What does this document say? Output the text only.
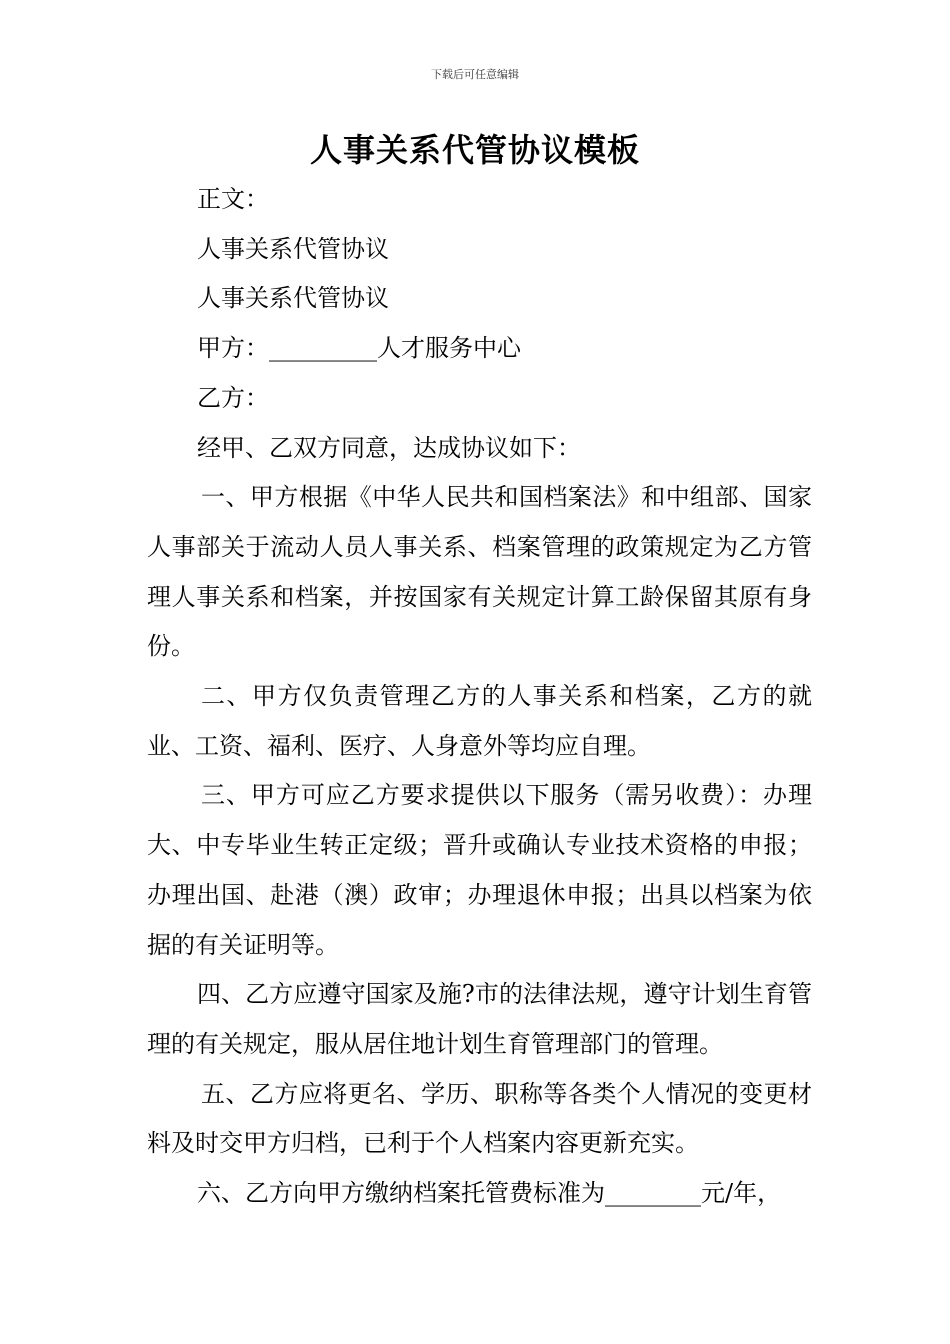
下载后可任意编辑
人事关系代管协议模板

正文：

人事关系代管协议

人事关系代管协议

甲方：_________人才服务中心

乙方：

经甲、乙双方同意，达成协议如下：

一、甲方根据《中华人民共和国档案法》和中组部、国家人事部关于流动人员人事关系、档案管理的政策规定为乙方管理人事关系和档案，并按国家有关规定计算工龄保留其原有身份。

二、甲方仅负责管理乙方的人事关系和档案，乙方的就业、工资、福利、医疗、人身意外等均应自理。

三、甲方可应乙方要求提供以下服务（需另收费）：办理大、中专毕业生转正定级；晋升或确认专业技术资格的申报；办理出国、赴港（澳）政审；办理退休申报；出具以档案为依据的有关证明等。

四、乙方应遵守国家及施?市的法律法规，遵守计划生育管理的有关规定，服从居住地计划生育管理部门的管理。

五、乙方应将更名、学历、职称等各类个人情况的变更材料及时交甲方归档，已利于个人档案内容更新充实。

六、乙方向甲方缴纳档案托管费标准为________元/年，
